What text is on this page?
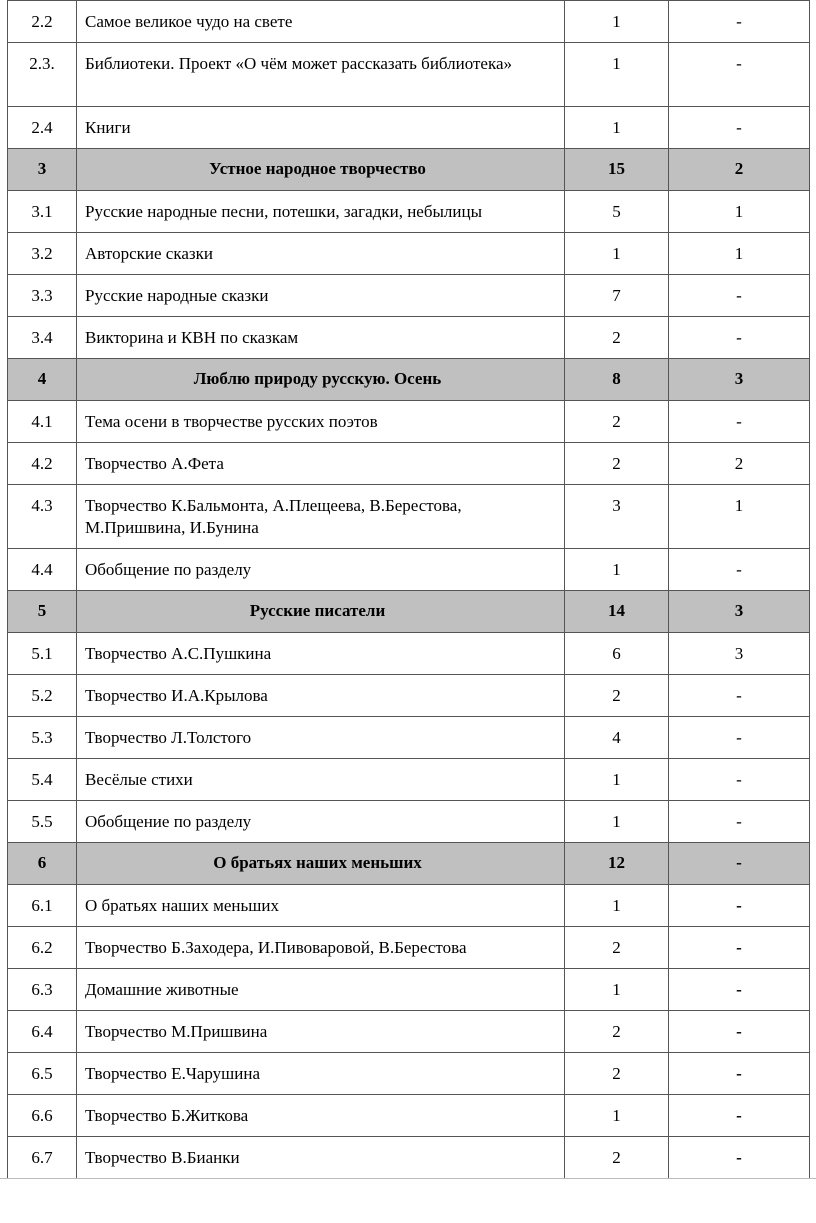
2.2	Самое великое чудо на свете	1	-
2.3.	Библиотеки. Проект «О чём может рассказать библиотека»	1	-
2.4	Книги	1	-
3	Устное народное творчество	15	2
3.1	Русские народные песни, потешки, загадки, небылицы	5	1
3.2	Авторские сказки	1	1
3.3	Русские народные сказки	7	-
3.4	Викторина и КВН по сказкам	2	-
4	Люблю природу русскую. Осень	8	3
4.1	Тема осени в творчестве русских поэтов	2	-
4.2	Творчество А.Фета	2	2
4.3	Творчество К.Бальмонта, А.Плещеева, В.Берестова, М.Пришвина, И.Бунина	3	1
4.4	Обобщение по разделу	1	-
5	Русские писатели	14	3
5.1	Творчество А.С.Пушкина	6	3
5.2	Творчество И.А.Крылова	2	-
5.3	Творчество Л.Толстого	4	-
5.4	Весёлые стихи	1	-
5.5	Обобщение по разделу	1	-
6	О братьях наших меньших	12	-
6.1	О братьях наших меньших	1	-
6.2	Творчество Б.Заходера, И.Пивоваровой, В.Берестова	2	-
6.3	Домашние животные	1	-
6.4	Творчество М.Пришвина	2	-
6.5	Творчество Е.Чарушина	2	-
6.6	Творчество Б.Житкова	1	-
6.7	Творчество В.Бианки	2	-
